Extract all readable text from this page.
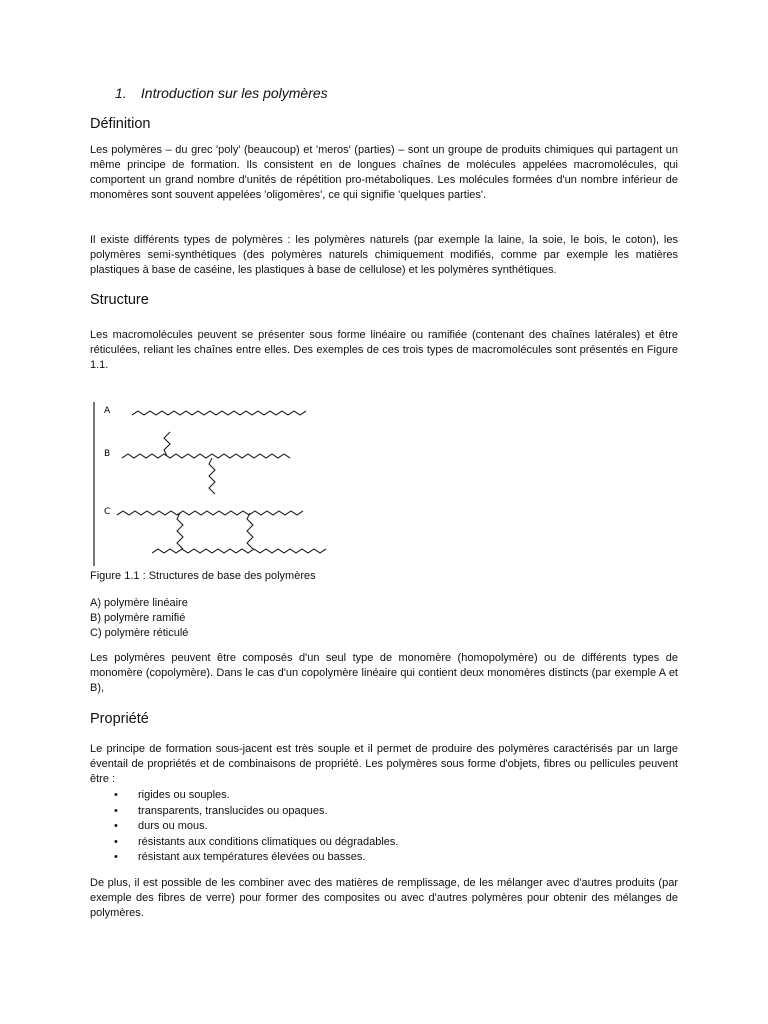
1. Introduction sur les polymères
Définition

Les polymères – du grec 'poly' (beaucoup) et 'meros' (parties) – sont un groupe de produits chimiques qui partagent un même principe de formation. Ils consistent en de longues chaînes de molécules appelées macromolécules, qui comportent un grand nombre d'unités de répétition pro-métaboliques. Les molécules formées d'un nombre inférieur de monomères sont souvent appelées 'oligomères', ce qui signifie 'quelques parties'.

Il existe différents types de polymères : les polymères naturels (par exemple la laine, la soie, le bois, le coton), les polymères semi-synthétiques (des polymères naturels chimiquement modifiés, comme par exemple les matières plastiques à base de caséine, les plastiques à base de cellulose) et les polymères synthétiques.

Structure

Les macromolécules peuvent se présenter sous forme linéaire ou ramifiée (contenant des chaînes latérales) et être réticulées, reliant les chaînes entre elles. Des exemples de ces trois types de macromolécules sont présentés en Figure 1.1.

A
B
C
Figure 1.1 : Structures de base des polymères
A) polymère linéaire
B) polymère ramifié
C) polymère réticulé

Les polymères peuvent être composés d'un seul type de monomère (homopolymère) ou de différents types de monomère (copolymère). Dans le cas d'un copolymère linéaire qui contient deux monomères distincts (par exemple A et B),

Propriété

Le principe de formation sous-jacent est très souple et il permet de produire des polymères caractérisés par un large éventail de propriétés et de combinaisons de propriété. Les polymères sous forme d'objets, fibres ou pellicules peuvent être :

• rigides ou souples.
• transparents, translucides ou opaques.
• durs ou mous.
• résistants aux conditions climatiques ou dégradables.
• résistant aux températures élevées ou basses.

De plus, il est possible de les combiner avec des matières de remplissage, de les mélanger avec d'autres produits (par exemple des fibres de verre) pour former des composites ou avec d'autres polymères pour obtenir des mélanges de polymères.
